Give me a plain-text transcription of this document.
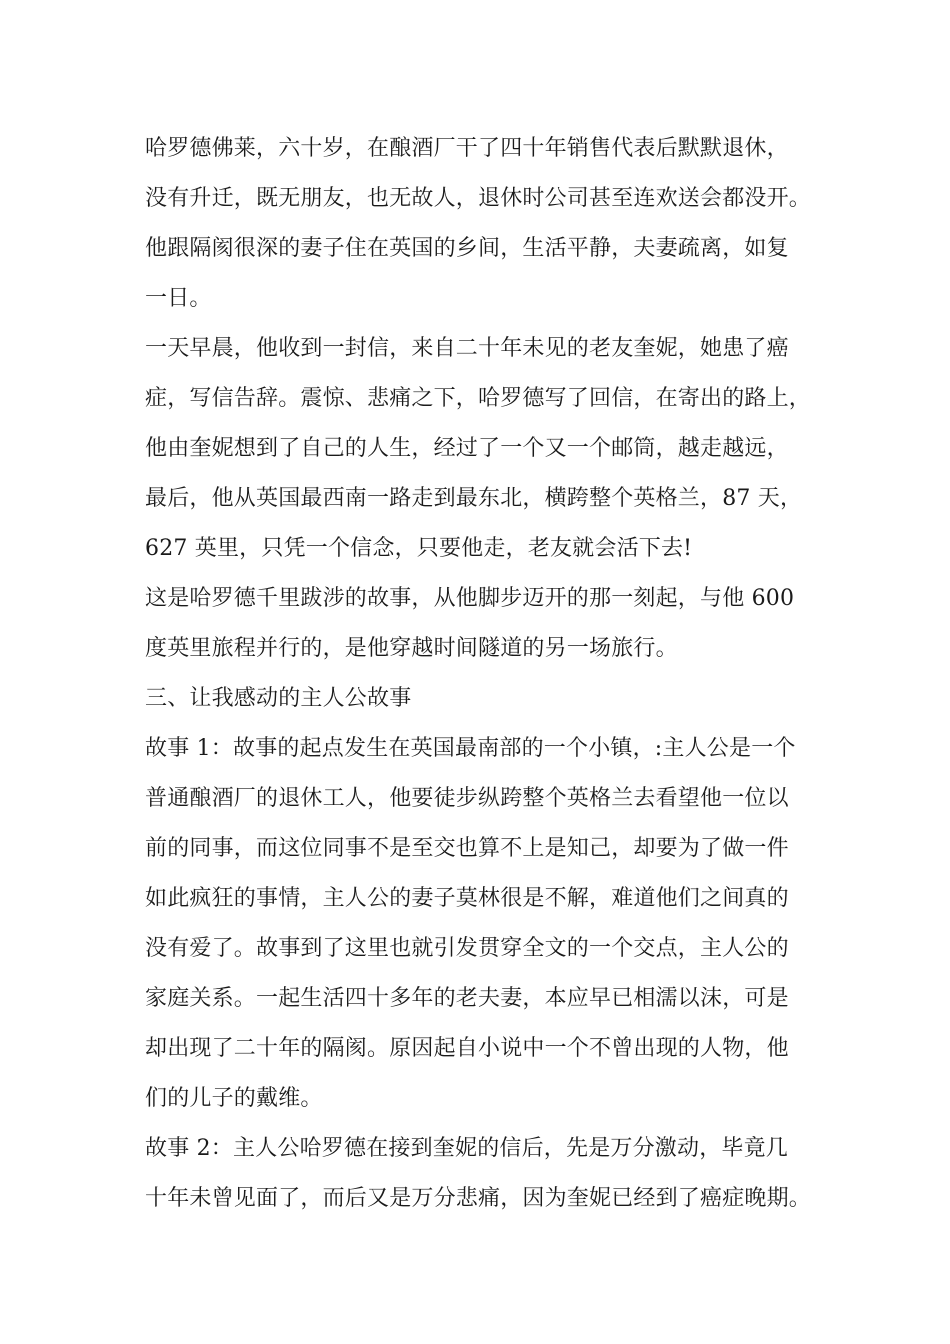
哈罗德佛莱，六十岁，在酿酒厂干了四十年销售代表后默默退休，
没有升迁，既无朋友，也无故人，退休时公司甚至连欢送会都没开。
他跟隔阂很深的妻子住在英国的乡间，生活平静，夫妻疏离，如复
一日。
一天早晨，他收到一封信，来自二十年未见的老友奎妮，她患了癌
症，写信告辞。震惊、悲痛之下，哈罗德写了回信，在寄出的路上，
他由奎妮想到了自己的人生，经过了一个又一个邮筒，越走越远，
最后，他从英国最西南一路走到最东北，横跨整个英格兰，87 天，
627 英里，只凭一个信念，只要他走，老友就会活下去!
这是哈罗德千里跋涉的故事，从他脚步迈开的那一刻起，与他 600
度英里旅程并行的，是他穿越时间隧道的另一场旅行。
三、让我感动的主人公故事
故事 1：故事的起点发生在英国最南部的一个小镇，:主人公是一个
普通酿酒厂的退休工人，他要徒步纵跨整个英格兰去看望他一位以
前的同事，而这位同事不是至交也算不上是知己，却要为了做一件
如此疯狂的事情，主人公的妻子莫林很是不解，难道他们之间真的
没有爱了。故事到了这里也就引发贯穿全文的一个交点，主人公的
家庭关系。一起生活四十多年的老夫妻，本应早已相濡以沫，可是
却出现了二十年的隔阂。原因起自小说中一个不曾出现的人物，他
们的儿子的戴维。
故事 2：主人公哈罗德在接到奎妮的信后，先是万分激动，毕竟几
十年未曾见面了，而后又是万分悲痛，因为奎妮已经到了癌症晚期。
